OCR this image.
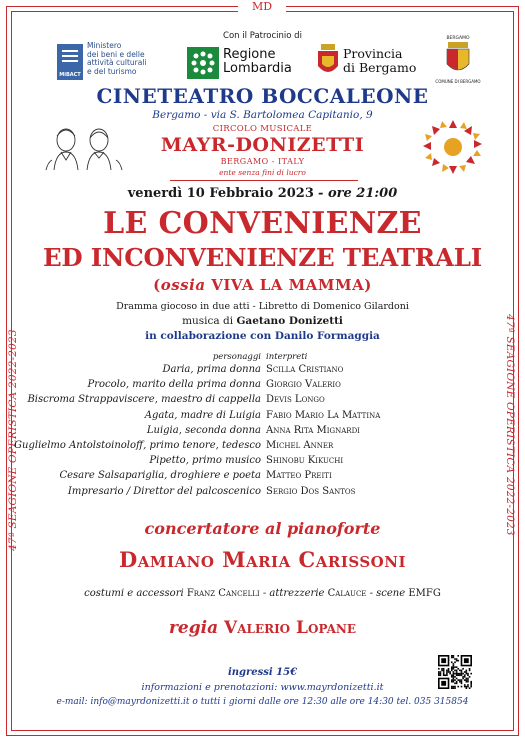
MD
47ª SEAGIONE OPERISTICA 2022-2023	47ª SEAGIONE OPERISTICA 2022-2023
Con il Patrocinio di
MiBACT
Ministero
dei beni e delle
attività culturali
e del turismo
Regione
Lombardia
Provincia
di Bergamo
BERGAMO
COMUNE DI BERGAMO
CINETEATRO BOCCALEONE
Bergamo - via S. Bartolomea Capitanio, 9
CIRCOLO MUSICALE
MAYR-DONIZETTI
BERGAMO - ITALY
ente senza fini di lucro
venerdì 10 Febbraio 2023 - ore 21:00
LE CONVENIENZE
ED INCONVENIENZE TEATRALI
(ossia VIVA LA MAMMA)
Dramma giocoso in due atti - Libretto di Domenico Gilardoni
musica di Gaetano Donizetti
in collaborazione con Danilo Formaggia
personaggi interpreti
Daria, prima donna Scilla Cristiano
Procolo, marito della prima donna Giorgio Valerio
Biscroma Strappaviscere, maestro di cappella Devis Longo
Agata, madre di Luigia Fabio Mario La Mattina
Luigia, seconda donna Anna Rita Mignardi
Guglielmo Antolstoinoloff, primo tenore, tedesco Michel Anner
Pipetto, primo musico Shinobu Kikuchi
Cesare Salsapariglia, droghiere e poeta Matteo Preiti
Impresario / Direttor del palcoscenico Sergio Dos Santos
concertatore al pianoforte
Damiano Maria Carissoni
costumi e accessori Franz Cancelli - attrezzerie Calauce - scene EMFG
regia Valerio Lopane
ingressi 15€
informazioni e prenotazioni: www.mayrdonizetti.it
e-mail: info@mayrdonizetti.it o tutti i giorni dalle ore 12:30 alle ore 14:30 tel. 035 315854
